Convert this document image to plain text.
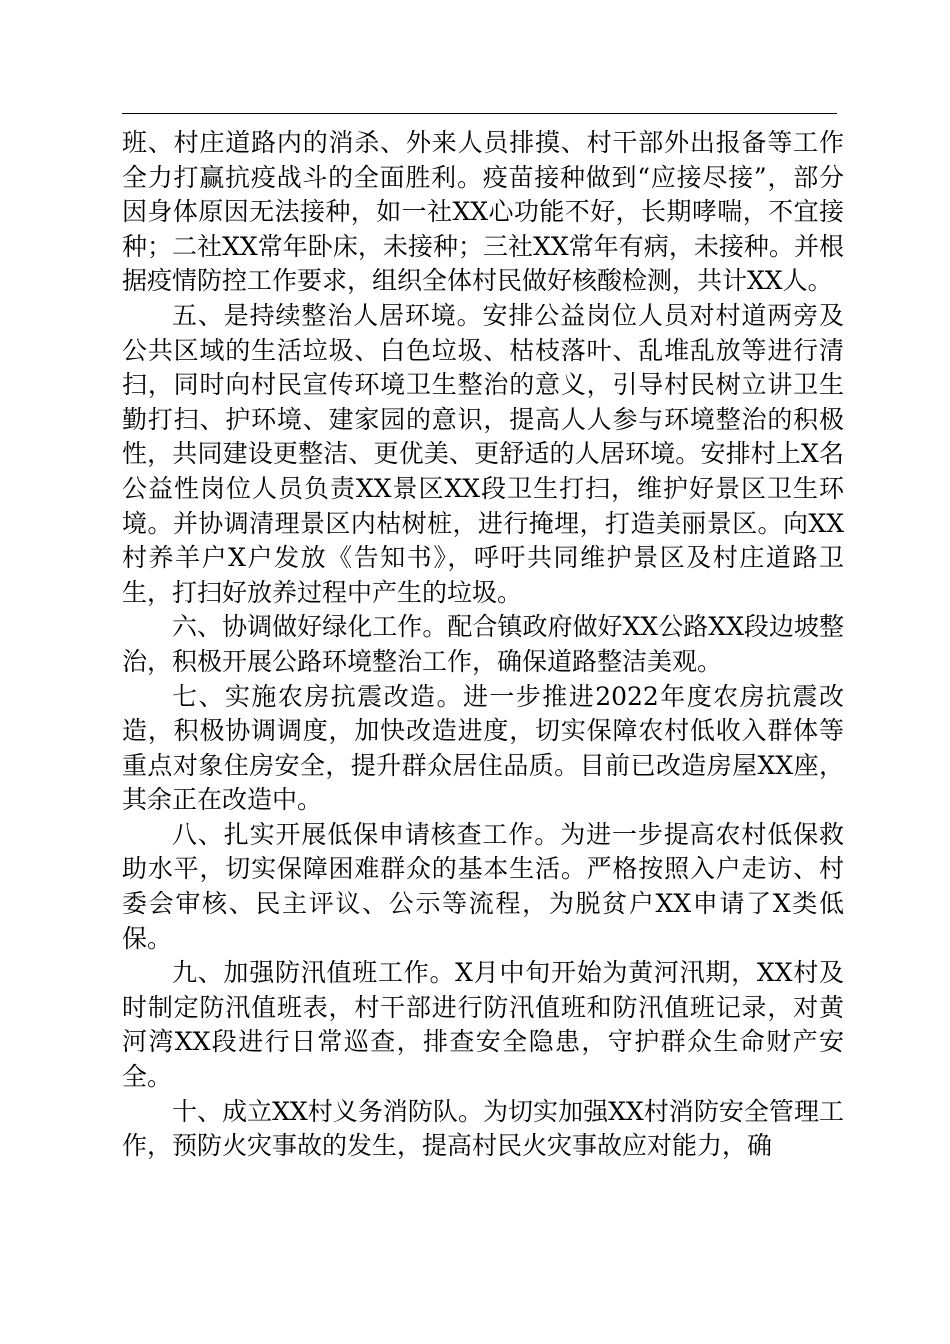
班、村庄道路内的消杀、外来人员排摸、村干部外出报备等工作全力打赢抗疫战斗的全面胜利。疫苗接种做到“应接尽接”，部分因身体原因无法接种，如一社XX心功能不好，长期哮喘，不宜接种；二社XX常年卧床，未接种；三社XX常年有病，未接种。并根据疫情防控工作要求，组织全体村民做好核酸检测，共计XX人。

五、是持续整治人居环境。安排公益岗位人员对村道两旁及公共区域的生活垃圾、白色垃圾、枯枝落叶、乱堆乱放等进行清扫，同时向村民宣传环境卫生整治的意义，引导村民树立讲卫生勤打扫、护环境、建家园的意识，提高人人参与环境整治的积极性，共同建设更整洁、更优美、更舒适的人居环境。安排村上X名公益性岗位人员负责XX景区XX段卫生打扫，维护好景区卫生环境。并协调清理景区内枯树桩，进行掩埋，打造美丽景区。向XX村养羊户X户发放《告知书》，呼吁共同维护景区及村庄道路卫生，打扫好放养过程中产生的垃圾。

六、协调做好绿化工作。配合镇政府做好XX公路XX段边坡整治，积极开展公路环境整治工作，确保道路整洁美观。

七、实施农房抗震改造。进一步推进2022年度农房抗震改造，积极协调调度，加快改造进度，切实保障农村低收入群体等重点对象住房安全，提升群众居住品质。目前已改造房屋XX座，其余正在改造中。

八、扎实开展低保申请核查工作。为进一步提高农村低保救助水平，切实保障困难群众的基本生活。严格按照入户走访、村委会审核、民主评议、公示等流程，为脱贫户XX申请了X类低保。

九、加强防汛值班工作。X月中旬开始为黄河汛期，XX村及时制定防汛值班表，村干部进行防汛值班和防汛值班记录，对黄河湾XX段进行日常巡查，排查安全隐患，守护群众生命财产安全。

十、成立XX村义务消防队。为切实加强XX村消防安全管理工作，预防火灾事故的发生，提高村民火灾事故应对能力，确
